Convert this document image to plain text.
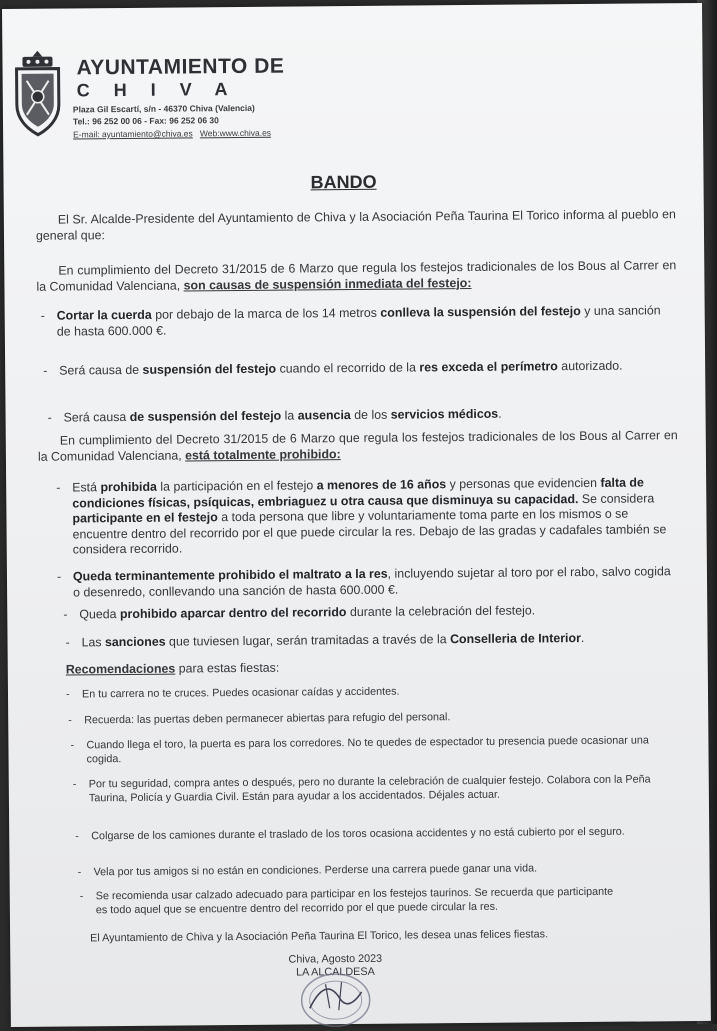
AYUNTAMIENTO DE
CHIVA
Plaza Gil Escartí, s/n - 46370 Chiva (Valencia)
Tel.: 96 252 00 06 - Fax: 96 252 06 30
E-mail: ayuntamiento@chiva.es Web:www.chiva.es
BANDO
El Sr. Alcalde-Presidente del Ayuntamiento de Chiva y la Asociación Peña Taurina El Torico informa al pueblo en general que:
En cumplimiento del Decreto 31/2015 de 6 Marzo que regula los festejos tradicionales de los Bous al Carrer en la Comunidad Valenciana, son causas de suspensión inmediata del festejo:
- Cortar la cuerda por debajo de la marca de los 14 metros conlleva la suspensión del festejo y una sanción de hasta 600.000 €.
- Será causa de suspensión del festejo cuando el recorrido de la res exceda el perímetro autorizado.
- Será causa de suspensión del festejo la ausencia de los servicios médicos.
En cumplimiento del Decreto 31/2015 de 6 Marzo que regula los festejos tradicionales de los Bous al Carrer en la Comunidad Valenciana, está totalmente prohibido:
- Está prohibida la participación en el festejo a menores de 16 años y personas que evidencien falta de condiciones físicas, psíquicas, embriaguez u otra causa que disminuya su capacidad. Se considera participante en el festejo a toda persona que libre y voluntariamente toma parte en los mismos o se encuentre dentro del recorrido por el que puede circular la res. Debajo de las gradas y cadafales también se considera recorrido.
- Queda terminantemente prohibido el maltrato a la res, incluyendo sujetar al toro por el rabo, salvo cogida o desenredo, conllevando una sanción de hasta 600.000 €.
- Queda prohibido aparcar dentro del recorrido durante la celebración del festejo.
- Las sanciones que tuviesen lugar, serán tramitadas a través de la Conselleria de Interior.
Recomendaciones para estas fiestas:
- En tu carrera no te cruces. Puedes ocasionar caídas y accidentes.
- Recuerda: las puertas deben permanecer abiertas para refugio del personal.
- Cuando llega el toro, la puerta es para los corredores. No te quedes de espectador tu presencia puede ocasionar una cogida.
- Por tu seguridad, compra antes o después, pero no durante la celebración de cualquier festejo. Colabora con la Peña Taurina, Policía y Guardia Civil. Están para ayudar a los accidentados. Déjales actuar.
- Colgarse de los camiones durante el traslado de los toros ocasiona accidentes y no está cubierto por el seguro.
- Vela por tus amigos si no están en condiciones. Perderse una carrera puede ganar una vida.
- Se recomienda usar calzado adecuado para participar en los festejos taurinos. Se recuerda que participante es todo aquel que se encuentre dentro del recorrido por el que puede circular la res.
El Ayuntamiento de Chiva y la Asociación Peña Taurina El Torico, les desea unas felices fiestas.
Chiva, Agosto 2023
LA ALCALDESA
